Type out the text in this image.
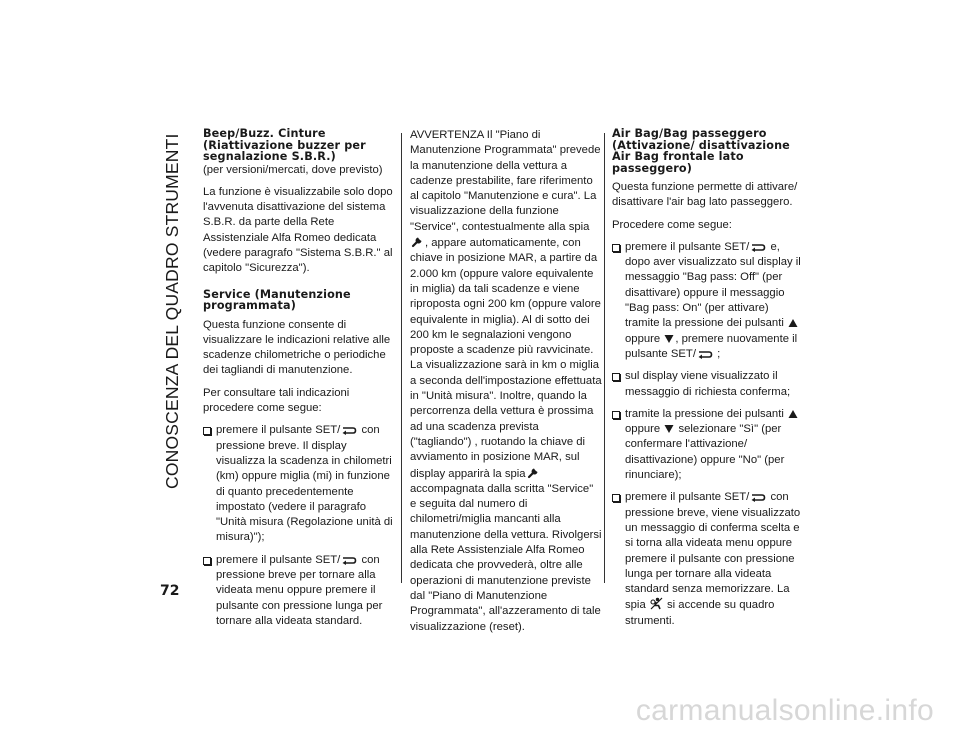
CONOSCENZA DEL QUADRO STRUMENTI	Beep/Buzz. Cinture (Riattivazione buzzer per segnalazione S.B.R.)

(per versioni/mercati, dove previsto)

La funzione è visualizzabile solo dopo l'avvenuta disattivazione del sistema S.B.R. da parte della Rete Assistenziale Alfa Romeo dedicata (vedere paragrafo "Sistema S.B.R." al capitolo "Sicurezza").

Service (Manutenzione programmata)

Questa funzione consente di visualizzare le indicazioni relative alle scadenze chilometriche o periodiche dei tagliandi di manutenzione.

Per consultare tali indicazioni procedere come segue:

premere il pulsante SET/ con pressione breve. Il display visualizza la scadenza in chilometri (km) oppure miglia (mi) in funzione di quanto precedentemente impostato (vedere il paragrafo "Unità misura (Regolazione unità di misura)");
premere il pulsante SET/ con pressione breve per tornare alla videata menu oppure premere il pulsante con pressione lunga per tornare alla videata standard.

AVVERTENZA Il "Piano di Manutenzione Programmata" prevede la manutenzione della vettura a cadenze prestabilite, fare riferimento al capitolo "Manutenzione e cura". La visualizzazione della funzione "Service", contestualmente alla spia, appare automaticamente, con chiave in posizione MAR, a partire da 2.000 km (oppure valore equivalente in miglia) da tali scadenze e viene riproposta ogni 200 km (oppure valore equivalente in miglia). Al di sotto dei 200 km le segnalazioni vengono proposte a scadenze più ravvicinate. La visualizzazione sarà in km o miglia a seconda dell'impostazione effettuata in "Unità misura". Inoltre, quando la percorrenza della vettura è prossima ad una scadenza prevista ("tagliando") , ruotando la chiave di avviamento in posizione MAR, sul display apparirà la spia accompagnata dalla scritta "Service" e seguita dal numero di chilometri/miglia mancanti alla manutenzione della vettura. Rivolgersi alla Rete Assistenziale Alfa Romeo dedicata che provvederà, oltre alle operazioni di manutenzione previste dal "Piano di Manutenzione Programmata", all'azzeramento di tale visualizzazione (reset).

Air Bag/Bag passeggero (Attivazione/ disattivazione Air Bag frontale lato passeggero)

Questa funzione permette di attivare/ disattivare l'air bag lato passeggero.

Procedere come segue:

premere il pulsante SET/ e, dopo aver visualizzato sul display il messaggio "Bag pass: Off" (per disattivare) oppure il messaggio "Bag pass: On" (per attivare) tramite la pressione dei pulsanti  oppure , premere nuovamente il pulsante SET/ ;
sul display viene visualizzato il messaggio di richiesta conferma;
tramite la pressione dei pulsanti  oppure  selezionare "Sì" (per confermare l'attivazione/ disattivazione) oppure "No" (per rinunciare);
premere il pulsante SET/ con pressione breve, viene visualizzato un messaggio di conferma scelta e si torna alla videata menu oppure premere il pulsante con pressione lunga per tornare alla videata standard senza memorizzare. La spia  si accende su quadro strumenti.
72
carmanualsonline.info
